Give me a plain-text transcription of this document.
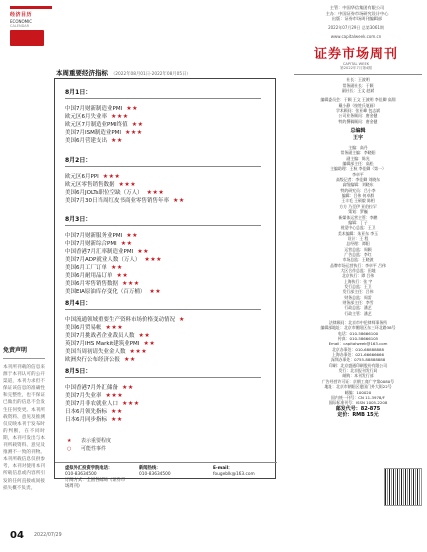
经济目历
ECONOMIC
CALENDAR
免责声明
本刊所刊载的信息来源于本刊认可的公开渠道，本刊力求但不保证该信息的准确性和完整性，也不保证已做出的信息不会发生任何变更。本刊所载资料、意见及推测仅反映本刊于发布时的判断，在不同时期，本刊可发出与本刊所载资料、意见及推测不一致的刊物。本刊所载信息仅供参考，本刊对使用本刊所载信息或内容所引发的任何直接或间接损失概不负责。
本周重要经济指标 （2022年08月01日-2022年08月05日）
8月1日：
中国7月财新制造业PMI ★★
欧元区6月失业率 ★★★
欧元区7月制造业PMI终值 ★★
美国7月ISM制造业PMI ★★★
美国6月营建支出 ★★
8月2日：
欧元区6月PPI ★★★
欧元区零售销售数据 ★★★
美国6月JOLTs职位空缺（万人） ★★★
美国7月30日当周红皮书商业零售销售年率 ★★
8月3日：
中国7月财新服务业PMI ★★
中国7月财新综合PMI ★★
中国香港7月汇率制造业PMI ★★
美国7月ADP就业人数（万人） ★★★
美国6月工厂订单 ★★
美国6月耐用品订单 ★★
美国6月零售销售数据 ★★★
美国EIA原油库存变化（百万桶） ★★
8月4日：
中国流通领域重要生产资料市场价格变动情况 ★
美国6月贸易帐 ★★★
美国7月挑战者企业裁员人数 ★★
英国7月IHS Markit建筑业PMI ★★
美国当周初请失业金人数 ★★★
欧洲央行公布经济公报 ★★
8月5日：
中国香港7月外汇储备 ★★
美国7月失业率 ★★★
美国7月非农就业人口 ★★★
日本6月领先指标 ★★
日本6月同步指标 ★★
★ 表示重要程度
○ 可能性事件
虚拟外汇投资学院电话：
010-83634500
订阅方式：全国各邮局《证券市场周刊》
新闻热线：
010-83634500
E-mail：
fougeblk@163.com
主管：中国华信集团有限公司
主办：中国证券市场研究设计中心
出版：证券市场周刊编辑部
2022年07月29日 总第3061期
www.capitalweek.com.cn
证券市场周刊
CAPITAL WEEK
第2022年7月第4期
社长：王波明
常务副社长：于颖
副社长：王文 赵斌
编辑委员会：于颖 王文 王波明 李佳卿 高翔
戴小静（按姓氏笔画）
学术顾问：张亚峰 包志斌
公司业务顾问：唐金健
特约撰稿顾问：唐金健
总编辑
王宇
主编：高丹
常务副主编：李晓阳
副主编：陈光
编辑部主任：高松
主编助理：王秋 李佳卿（第一）
李卓平
高级记者：李佳卿 刘晓东
高级编辑：刘晓东
特约研究员：吕小李
编辑：吕伟 何卓群
王丰毛 王硕毅 陈相
方方 乃至伊 亚伯拉罕
策划：罗巍
新媒体运营主管：李鹏
编辑：丁子
视觉中心总监：王卫
美术编辑：朱亚东 李玉
设计：王 程
总经理：谭阳
运营总监：周颖
广告总监：李红
市场总监：王晓波
品牌市场运营执行：李卓平 吕伟
大区合作总监：田地
北京执行：谭 吕伟
上海执行：张 宇
发行总监：王卫
发行部主任：吕伟
财务总监：周雷
财务部主任：李雪
行政总监：潘艺
行政主管：潘艺
法律顾问：北京市中伦律师事务所
编辑部地址：北京市朝阳区东三环北路38号
电话：010-58666100
传真：010-58666105
Email：capitalweek@163.com
北京办事处：010-68888888
上海办事处：021-66666666
深圳办事处：0755-88888888
印刷：北京盛通印刷股份有限公司
发行：北京报刊发行局
邮购：本刊发行部
广告经营许可证：京朝工商广字第0080号
地址：北京市朝阳区建国门外大街22号
邮编：100020
国内统一刊号：CN 11-3978/F
国际标准刊号：ISSN 1005-2208
邮发代号：82-875
定价：RMB 15元
04 2022/07/29
